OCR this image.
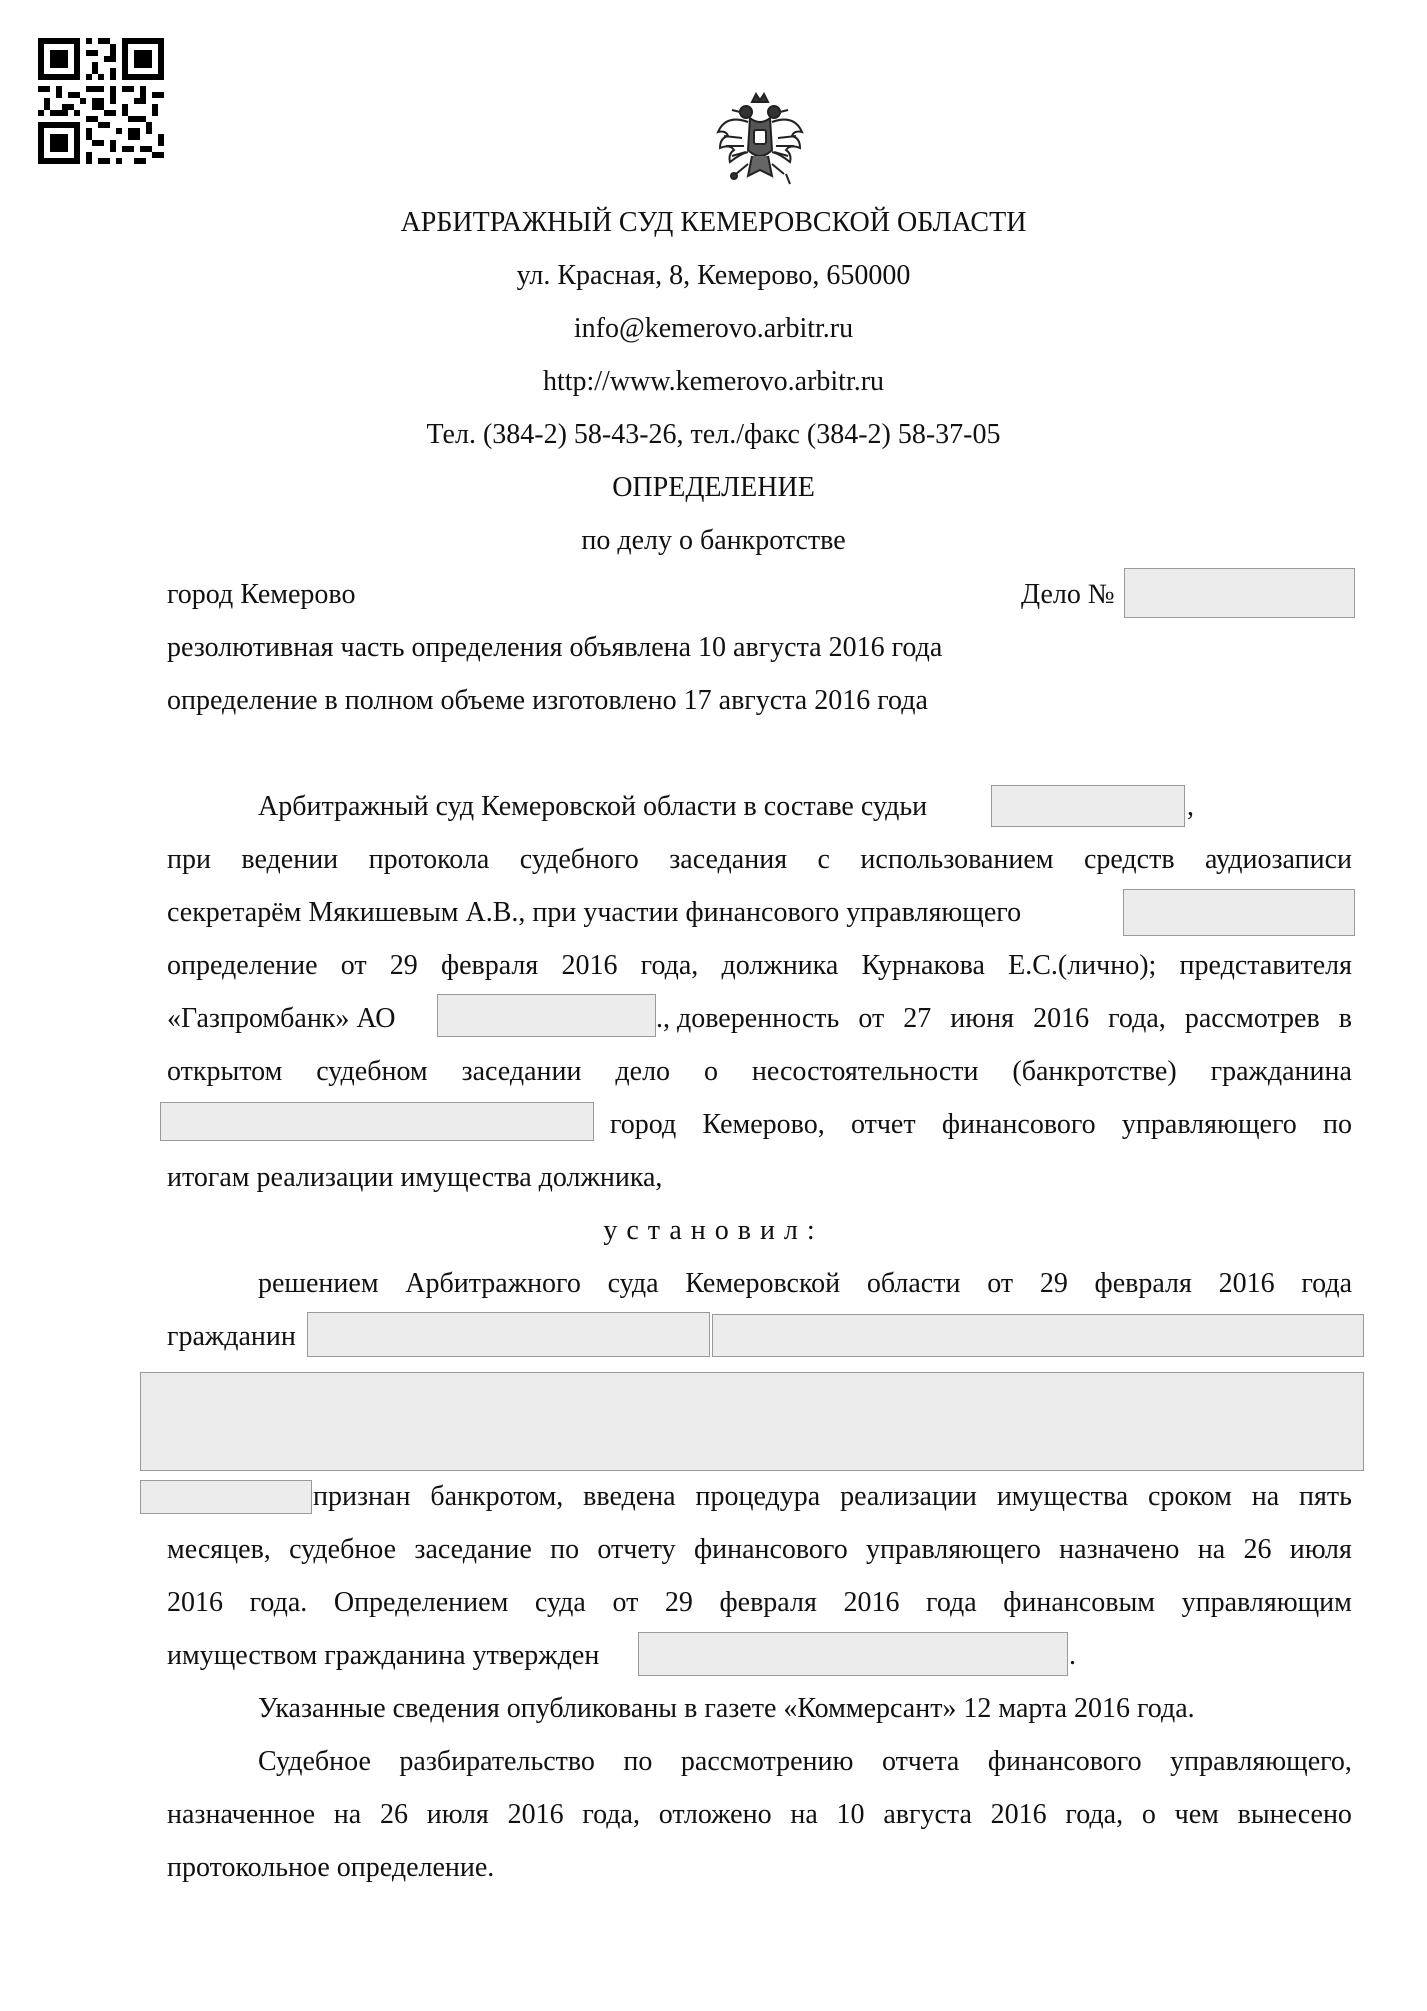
АРБИТРАЖНЫЙ СУД КЕМЕРОВСКОЙ ОБЛАСТИ
ул. Красная, 8, Кемерово, 650000
info@kemerovo.arbitr.ru
http://www.kemerovo.arbitr.ru
Тел. (384-2) 58-43-26, тел./факс (384-2) 58-37-05
ОПРЕДЕЛЕНИЕ
по делу о банкротстве
город Кемерово	Дело №
резолютивная часть определения объявлена 10 августа 2016 года
определение в полном объеме изготовлено 17 августа 2016 года
Арбитражный суд Кемеровской области в составе судьи	,
при ведении протокола судебного заседания с использованием средств аудиозаписи
секретарём Мякишевым А.В., при участии финансового управляющего
определение от 29 февраля 2016 года, должника Курнакова Е.С.(лично); представителя
«Газпромбанк» АО	., доверенность от 27 июня 2016 года, рассмотрев в
открытом судебном заседании дело о несостоятельности (банкротстве) гражданина
город Кемерово, отчет финансового управляющего по
итогам реализации имущества должника,
установил:
решением Арбитражного суда Кемеровской области от 29 февраля 2016 года
гражданин
признан банкротом, введена процедура реализации имущества сроком на пять
месяцев, судебное заседание по отчету финансового управляющего назначено на 26 июля
2016 года. Определением суда от 29 февраля 2016 года финансовым управляющим
имуществом гражданина утвержден	.
Указанные сведения опубликованы в газете «Коммерсант» 12 марта 2016 года.
Судебное разбирательство по рассмотрению отчета финансового управляющего,
назначенное на 26 июля 2016 года, отложено на 10 августа 2016 года, о чем вынесено
протокольное определение.
